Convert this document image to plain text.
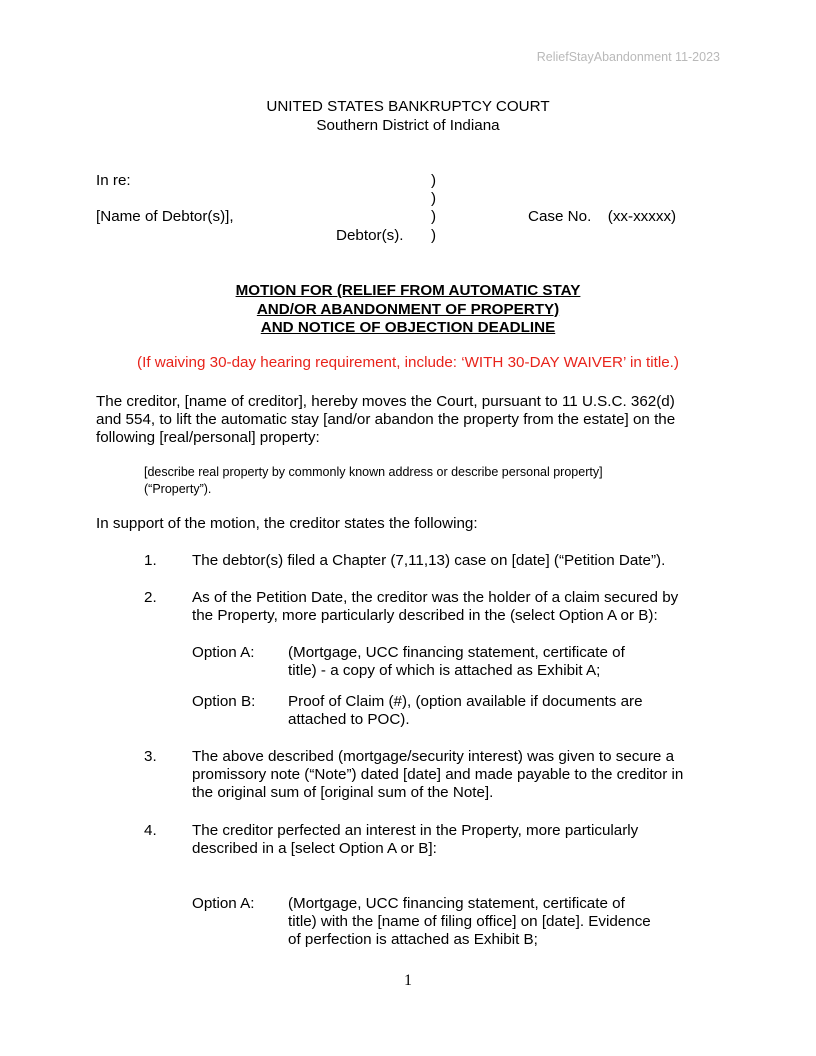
ReliefStayAbandonment 11-2023
UNITED STATES BANKRUPTCY COURT
Southern District of Indiana
In re:
[Name of Debtor(s)],
Debtor(s).
)
)
)
)
Case No. (xx-xxxxx)
MOTION FOR (RELIEF FROM AUTOMATIC STAY
AND/OR ABANDONMENT OF PROPERTY)
AND NOTICE OF OBJECTION DEADLINE
(If waiving 30-day hearing requirement, include: ‘WITH 30-DAY WAIVER’ in title.)
The creditor, [name of creditor], hereby moves the Court, pursuant to 11 U.S.C. 362(d)
and 554, to lift the automatic stay [and/or abandon the property from the estate] on the
following [real/personal] property:
[describe real property by commonly known address or describe personal property]
(“Property”).
In support of the motion, the creditor states the following:
1. The debtor(s) filed a Chapter (7,11,13) case on [date] (“Petition Date”).
2. As of the Petition Date, the creditor was the holder of a claim secured by
the Property, more particularly described in the (select Option A or B):
Option A: (Mortgage, UCC financing statement, certificate of
title) - a copy of which is attached as Exhibit A;
Option B: Proof of Claim (#), (option available if documents are
attached to POC).
3. The above described (mortgage/security interest) was given to secure a
promissory note (“Note”) dated [date] and made payable to the creditor in
the original sum of [original sum of the Note].
4. The creditor perfected an interest in the Property, more particularly
described in a [select Option A or B]:
Option A: (Mortgage, UCC financing statement, certificate of
title) with the [name of filing office] on [date]. Evidence
of perfection is attached as Exhibit B;
1
